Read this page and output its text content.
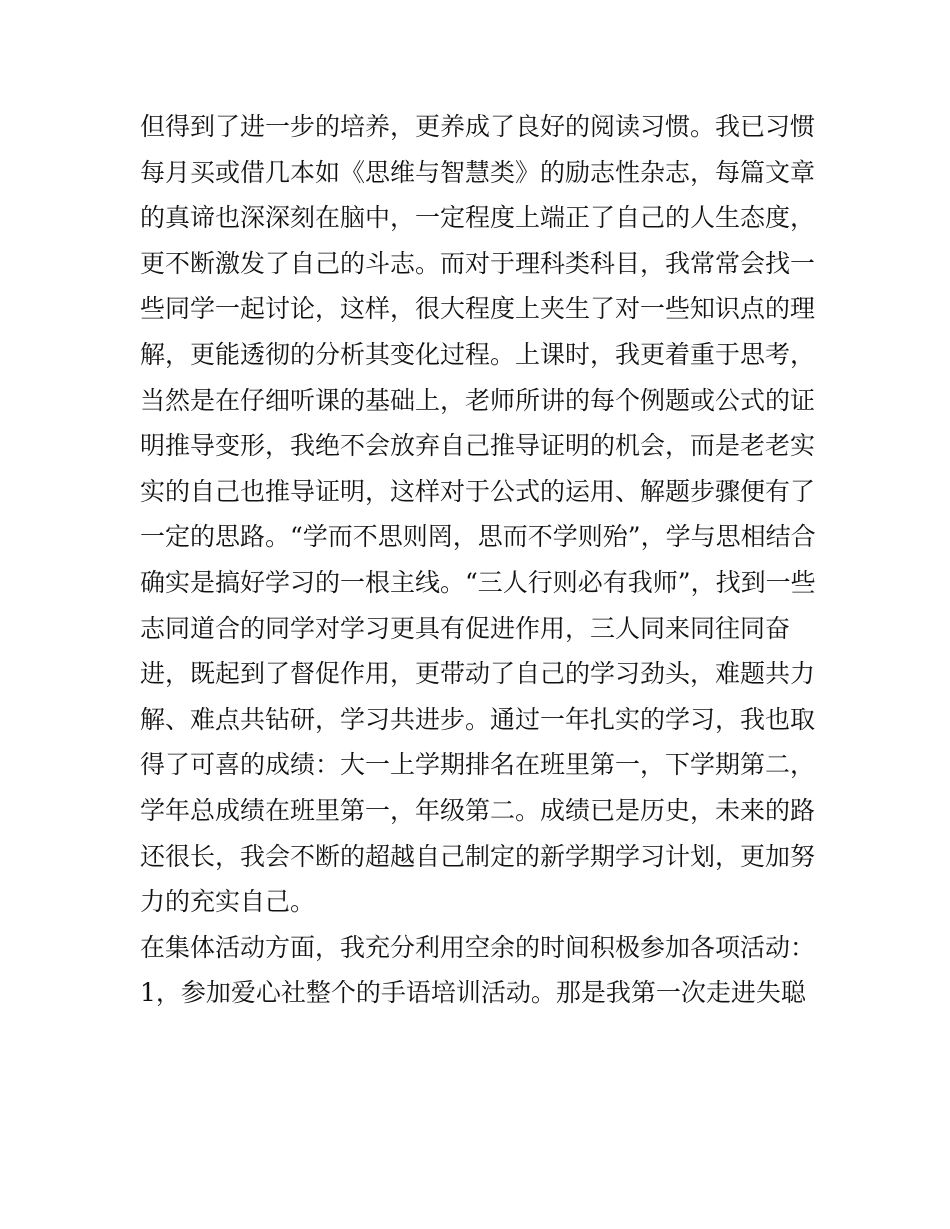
但得到了进一步的培养，更养成了良好的阅读习惯。我已习惯
每月买或借几本如《思维与智慧类》的励志性杂志，每篇文章
的真谛也深深刻在脑中，一定程度上端正了自己的人生态度，
更不断激发了自己的斗志。而对于理科类科目，我常常会找一
些同学一起讨论，这样，很大程度上夹生了对一些知识点的理
解，更能透彻的分析其变化过程。上课时，我更着重于思考，
当然是在仔细听课的基础上，老师所讲的每个例题或公式的证
明推导变形，我绝不会放弃自己推导证明的机会，而是老老实
实的自己也推导证明，这样对于公式的运用、解题步骤便有了
一定的思路。“学而不思则罔，思而不学则殆”，学与思相结合
确实是搞好学习的一根主线。“三人行则必有我师”，找到一些
志同道合的同学对学习更具有促进作用，三人同来同往同奋
进，既起到了督促作用，更带动了自己的学习劲头，难题共力
解、难点共钻研，学习共进步。通过一年扎实的学习，我也取
得了可喜的成绩：大一上学期排名在班里第一，下学期第二，
学年总成绩在班里第一，年级第二。成绩已是历史，未来的路
还很长，我会不断的超越自己制定的新学期学习计划，更加努
力的充实自己。
在集体活动方面，我充分利用空余的时间积极参加各项活动：
1，参加爱心社整个的手语培训活动。那是我第一次走进失聪
